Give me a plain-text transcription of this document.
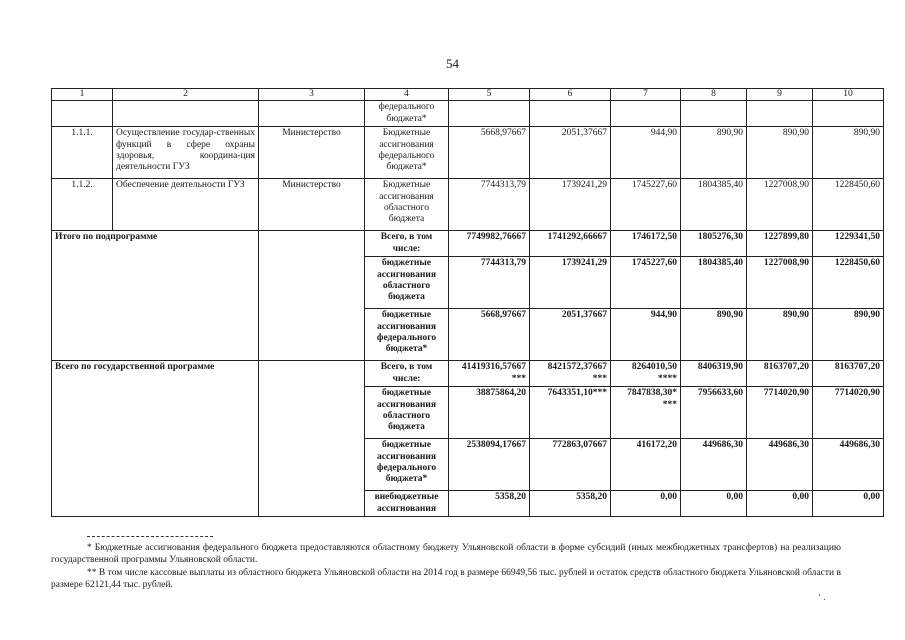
54
1	2	3	4	5	6	7	8	9	10
			федерального бюджета*						
1.1.1.	Осуществление государ-ственных функций в сфере охраны здоровья, координа-ция деятельности ГУЗ	Министерство	Бюджетные ассигнования федерального бюджета*	5668,97667	2051,37667	944,90	890,90	890,90	890,90
1.1.2.	Обеспечение деятельности ГУЗ	Министерство	Бюджетные ассигнования областного бюджета	7744313,79	1739241,29	1745227,60	1804385,40	1227008,90	1228450,60
Итого по подпрограмме			Всего, в том числе:	7749982,76667	1741292,66667	1746172,50	1805276,30	1227899,80	1229341,50
			бюджетные ассигнования областного бюджета	7744313,79	1739241,29	1745227,60	1804385,40	1227008,90	1228450,60
			бюджетные ассигнования федерального бюджета*	5668,97667	2051,37667	944,90	890,90	890,90	890,90
Всего по государственной программе			Всего, в том числе:	41419316,57667 ***	8421572,37667 ***	8264010,50 ****	8406319,90	8163707,20	8163707,20
			бюджетные ассигнования областного бюджета	38875864,20	7643351,10***	7847838,30* ***	7956633,60	7714020,90	7714020,90
			бюджетные ассигнования федерального бюджета*	2538094,17667	772863,07667	416172,20	449686,30	449686,30	449686,30
			внебюджетные ассигнования	5358,20	5358,20	0,00	0,00	0,00	0,00

* Бюджетные ассигнования федерального бюджета предоставляются областному бюджету Ульяновской области в форме субсидий (иных межбюджетных трансфертов) на реализацию государственной программы Ульяновской области.

** В том числе кассовые выплаты из областного бюджета Ульяновской области на 2014 год в размере 66949,56 тыс. рублей и остаток средств областного бюджета Ульяновской области в размере 62121,44 тыс. рублей.

‘ .
